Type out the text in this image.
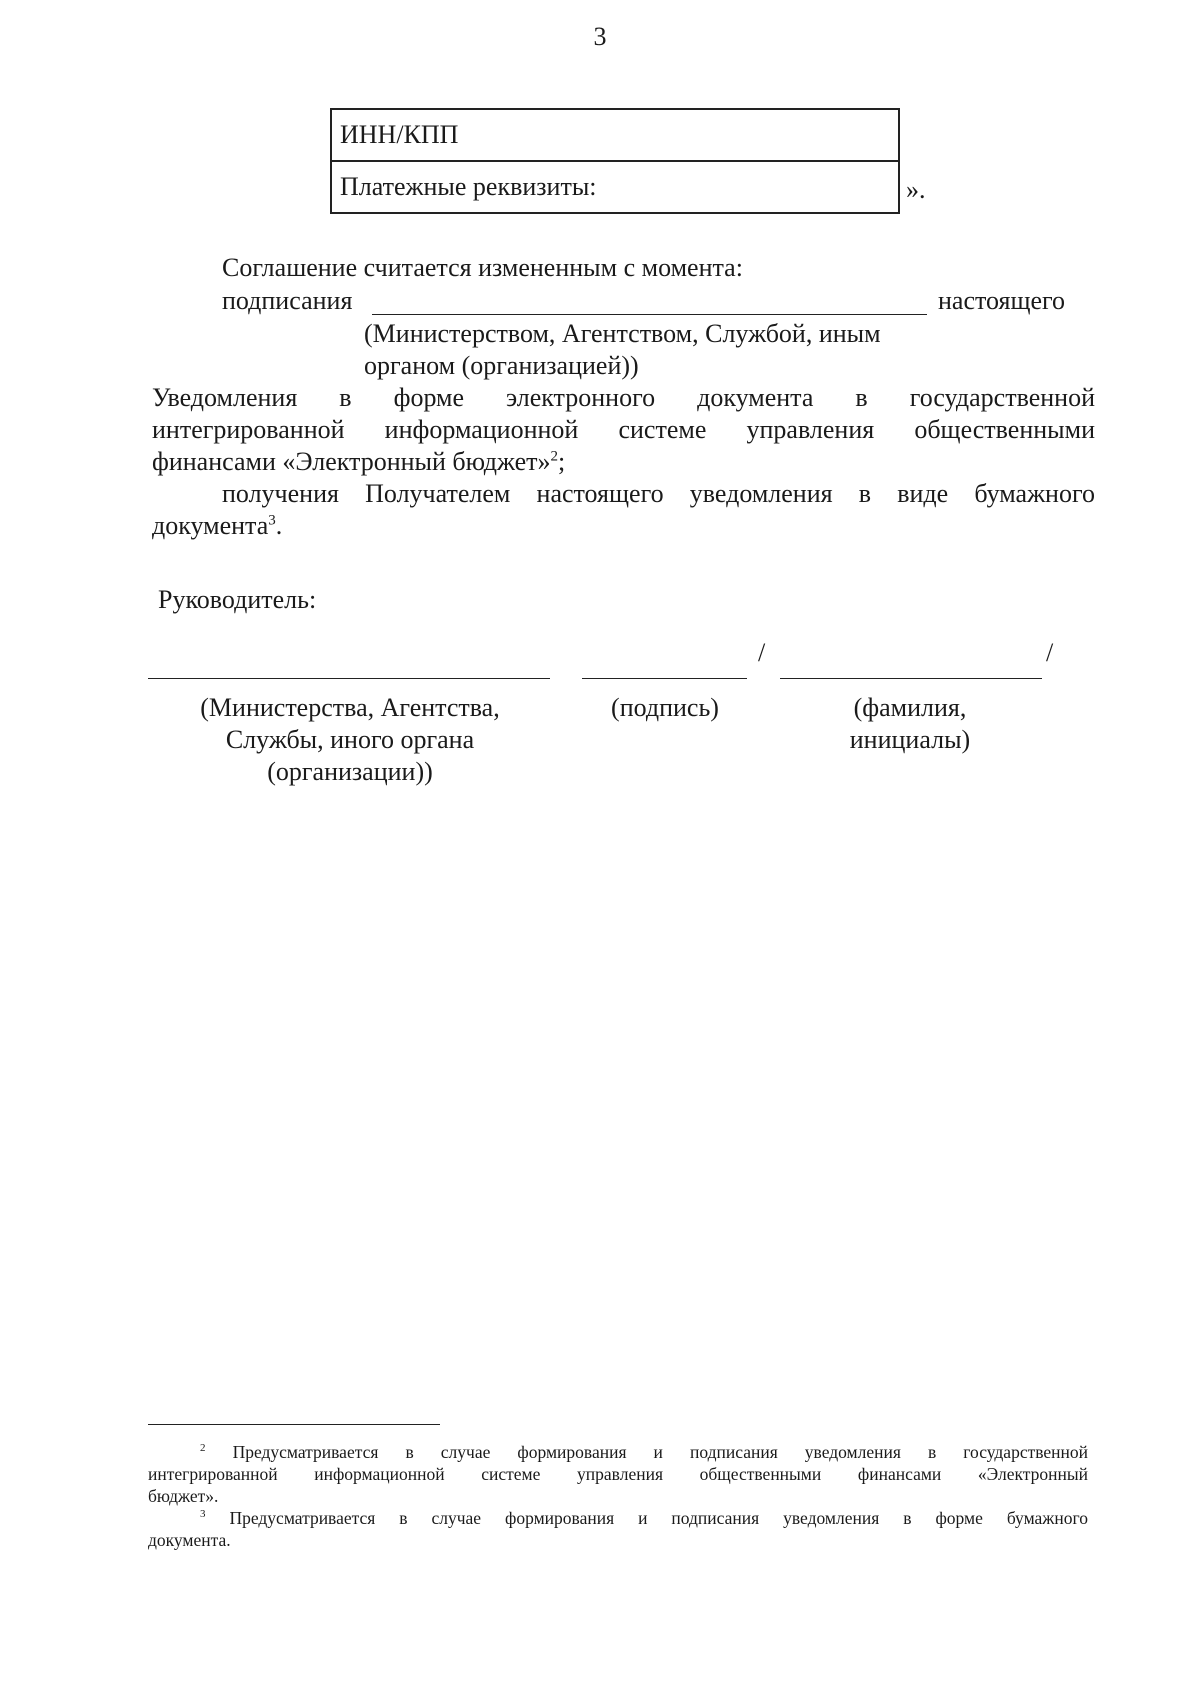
3
ИНН/КПП
Платежные реквизиты:	».
Соглашение считается измененным с момента:
подписания	настоящего
(Министерством, Агентством, Службой, иным
органом (организацией))
Уведомления в форме электронного документа в государственной
интегрированной информационной системе управления общественными
финансами «Электронный бюджет»$^2$;
получения Получателем настоящего уведомления в виде бумажного
документа$^3$.
Руководитель:
/	/
(Министерства, Агентства,
Службы, иного органа
(организации))
(подпись)	(фамилия,
инициалы)
$^2$ Предусматривается в случае формирования и подписания уведомления в государственной
интегрированной информационной системе управления общественными финансами «Электронный
бюджет».
$^3$ Предусматривается в случае формирования и подписания уведомления в форме бумажного
документа.
